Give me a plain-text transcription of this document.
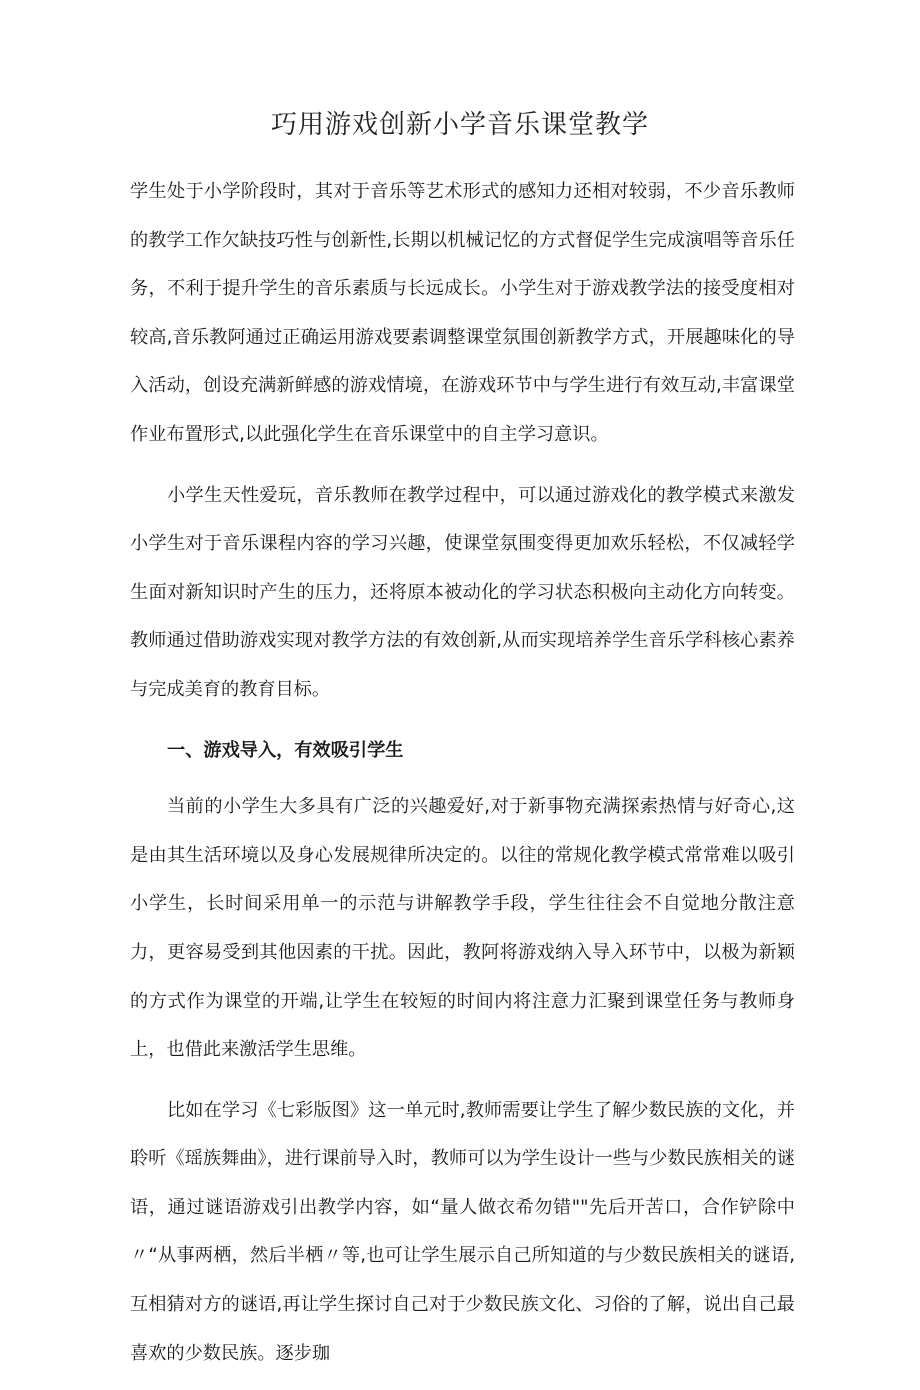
巧用游戏创新小学音乐课堂教学

学生处于小学阶段时，其对于音乐等艺术形式的感知力还相对较弱，不少音乐教师的教学工作欠缺技巧性与创新性,长期以机械记忆的方式督促学生完成演唱等音乐任务，不利于提升学生的音乐素质与长远成长。小学生对于游戏教学法的接受度相对较高,音乐教阿通过正确运用游戏要素调整课堂氛围创新教学方式，开展趣味化的导入活动，创设充满新鲜感的游戏情境，在游戏环节中与学生进行有效互动,丰富课堂作业布置形式,以此强化学生在音乐课堂中的自主学习意识。

小学生天性爱玩，音乐教师在教学过程中，可以通过游戏化的教学模式来激发小学生对于音乐课程内容的学习兴趣，使课堂氛围变得更加欢乐轻松，不仅减轻学生面对新知识时产生的压力，还将原本被动化的学习状态积极向主动化方向转变。教师通过借助游戏实现对教学方法的有效创新,从而实现培养学生音乐学科核心素养与完成美育的教育目标。

一、游戏导入，有效吸引学生

当前的小学生大多具有广泛的兴趣爱好,对于新事物充满探索热情与好奇心,这是由其生活环境以及身心发展规律所决定的。以往的常规化教学模式常常难以吸引小学生，长时间采用单一的示范与讲解教学手段，学生往往会不自觉地分散注意力，更容易受到其他因素的干扰。因此，教阿将游戏纳入导入环节中，以极为新颖的方式作为课堂的开端,让学生在较短的时间内将注意力汇聚到课堂任务与教师身上，也借此来激活学生思维。

比如在学习《七彩版图》这一单元时,教师需要让学生了解少数民族的文化，并聆听《瑶族舞曲》，进行课前导入时，教师可以为学生设计一些与少数民族相关的谜语，通过谜语游戏引出教学内容，如“量人做衣希勿错""先后开苦口，合作铲除中〃“从事两栖，然后半栖〃等,也可让学生展示自己所知道的与少数民族相关的谜语,互相猜对方的谜语,再让学生探讨自己对于少数民族文化、习俗的了解，说出自己最喜欢的少数民族。逐步珈
